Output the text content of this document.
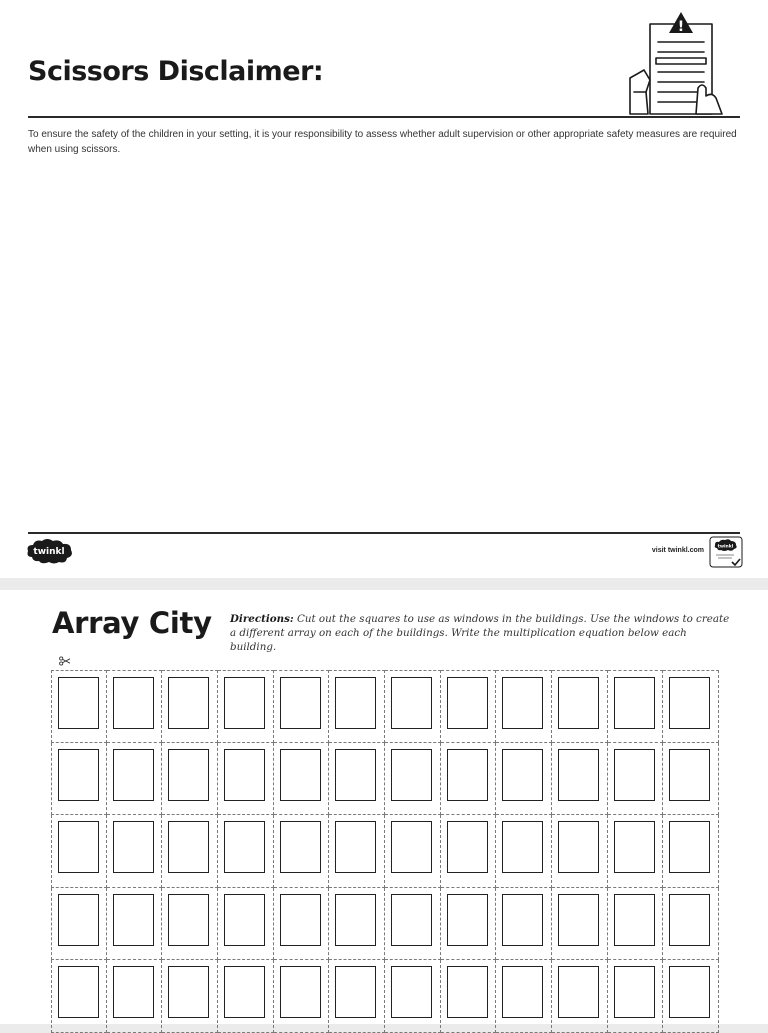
Scissors Disclaimer:
!

To ensure the safety of the children in your setting, it is your responsibility to assess whether adult supervision or other appropriate safety measures are required when using scissors.

twinkl	visit twinkl.com	twinkl
Array City Directions: Cut out the squares to use as windows in the buildings. Use the windows to create a different array on each of the buildings. Write the multiplication equation below each building.
